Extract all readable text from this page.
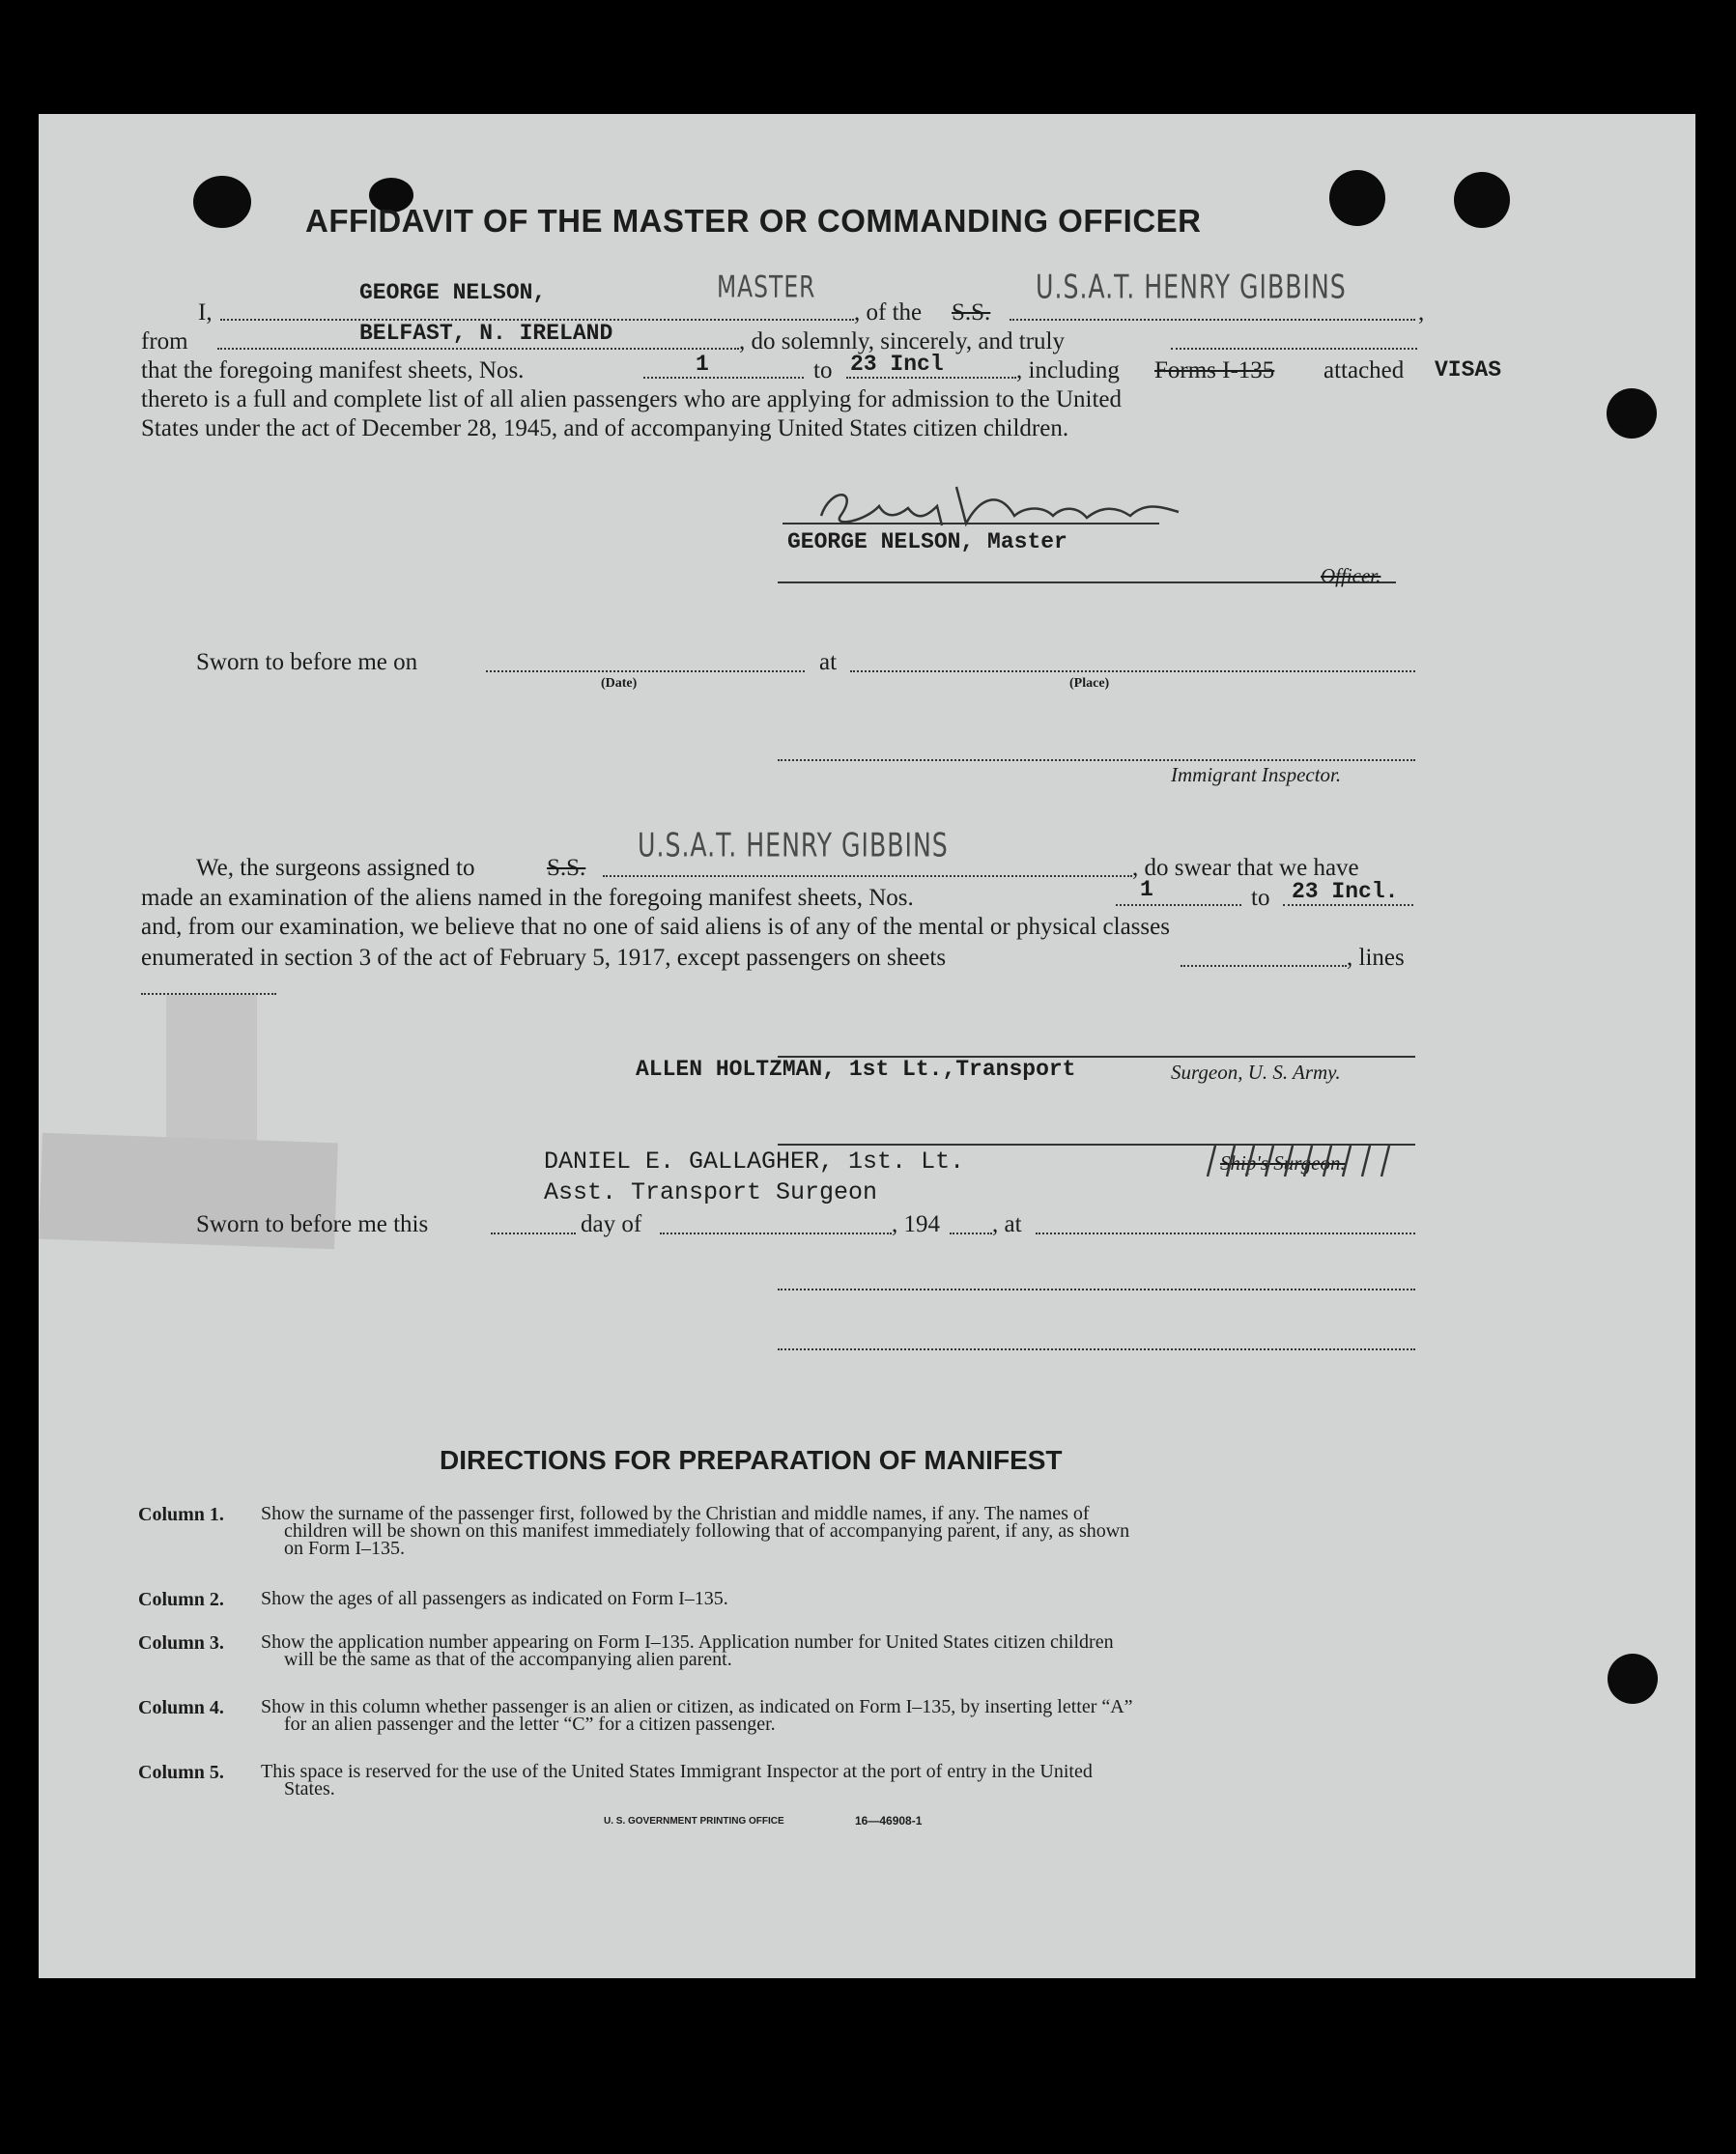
AFFIDAVIT OF THE MASTER OR COMMANDING OFFICER
I,
GEORGE NELSON,	MASTER
, of the S.S.
U.S.A.T. HENRY GIBBINS
,
from	BELFAST, N. IRELAND	, do solemnly, sincerely, and truly
that the foregoing manifest sheets, Nos.	1	to 23 Incl	, including Forms I-135 attached VISAS
thereto is a full and complete list of all alien passengers who are applying for admission to the United
States under the act of December 28, 1945, and of accompanying United States citizen children.
GEORGE NELSON, Master
Officer.
Sworn to before me on
(Date)
at
(Place)
Immigrant Inspector.
We, the surgeons assigned to	S.S.
U.S.A.T. HENRY GIBBINS
, do swear that we have
made an examination of the aliens named in the foregoing manifest sheets, Nos.	1	to 23 Incl.
and, from our examination, we believe that no one of said aliens is of any of the mental or physical classes
enumerated in section 3 of the act of February 5, 1917, except passengers on sheets	, lines
ALLEN HOLTZMAN, 1st Lt.,Transport	Surgeon, U. S. Army.
DANIEL E. GALLAGHER, 1st. Lt.
Asst. Transport Surgeon
Ship's Surgeon.
Sworn to before me this	day of	, 194 , at
DIRECTIONS FOR PREPARATION OF MANIFEST
Column 1. Show the surname of the passenger first, followed by the Christian and middle names, if any. The names of
children will be shown on this manifest immediately following that of accompanying parent, if any, as shown
on Form I–135.
Column 2. Show the ages of all passengers as indicated on Form I–135.
Column 3. Show the application number appearing on Form I–135. Application number for United States citizen children
will be the same as that of the accompanying alien parent.
Column 4. Show in this column whether passenger is an alien or citizen, as indicated on Form I–135, by inserting letter “A”
for an alien passenger and the letter “C” for a citizen passenger.
Column 5. This space is reserved for the use of the United States Immigrant Inspector at the port of entry in the United
States.
U. S. GOVERNMENT PRINTING OFFICE	16—46908-1
